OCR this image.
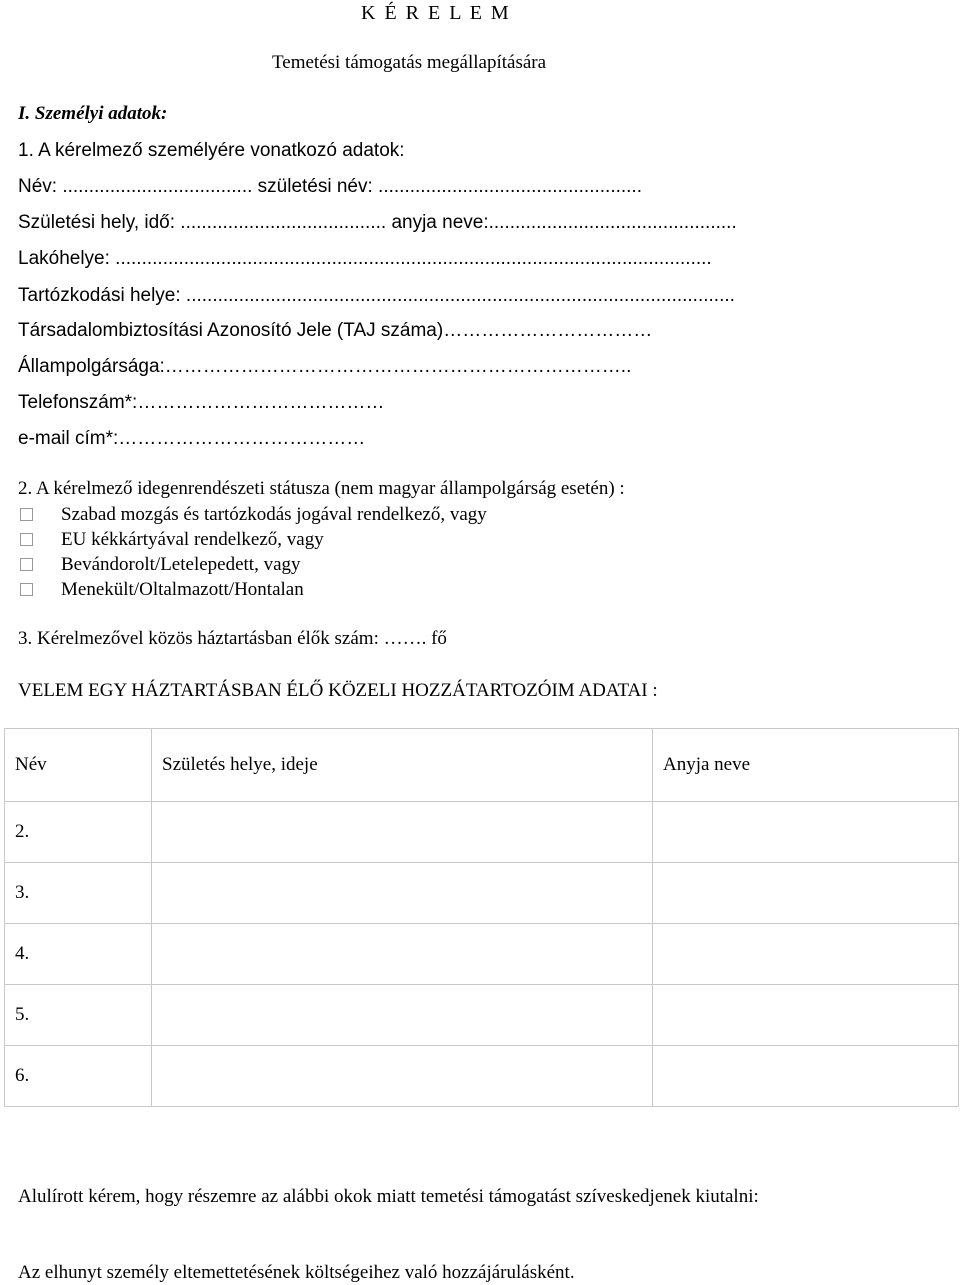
K É R E L E M
Temetési támogatás megállapítására
I. Személyi adatok:
1. A kérelmező személyére vonatkozó adatok:
Név: .................................... születési név: ..................................................
Születési hely, idő: ....................................... anyja neve:...............................................
Lakóhelye: .................................................................................................................
Tartózkodási helye: ........................................................................................................
Társadalombiztosítási Azonosító Jele (TAJ száma)……………………………
Állampolgársága:………………………………………………………………..
Telefonszám*:…………………………………
e-mail cím*:…………………………………
2. A kérelmező idegenrendészeti státusza (nem magyar állampolgárság esetén) :
Szabad mozgás és tartózkodás jogával rendelkező, vagy
EU kékkártyával rendelkező, vagy
Bevándorolt/Letelepedett, vagy
Menekült/Oltalmazott/Hontalan
3. Kérelmezővel közös háztartásban élők szám: ……. fő
VELEM EGY HÁZTARTÁSBAN ÉLŐ KÖZELI HOZZÁTARTOZÓIM ADATAI :
Név	Születés helye, ideje	Anyja neve
2.		
3.		
4.		
5.		
6.		
Alulírott kérem, hogy részemre az alábbi okok miatt temetési támogatást szíveskedjenek kiutalni:
Az elhunyt személy eltemettetésének költségeihez való hozzájárulásként.
